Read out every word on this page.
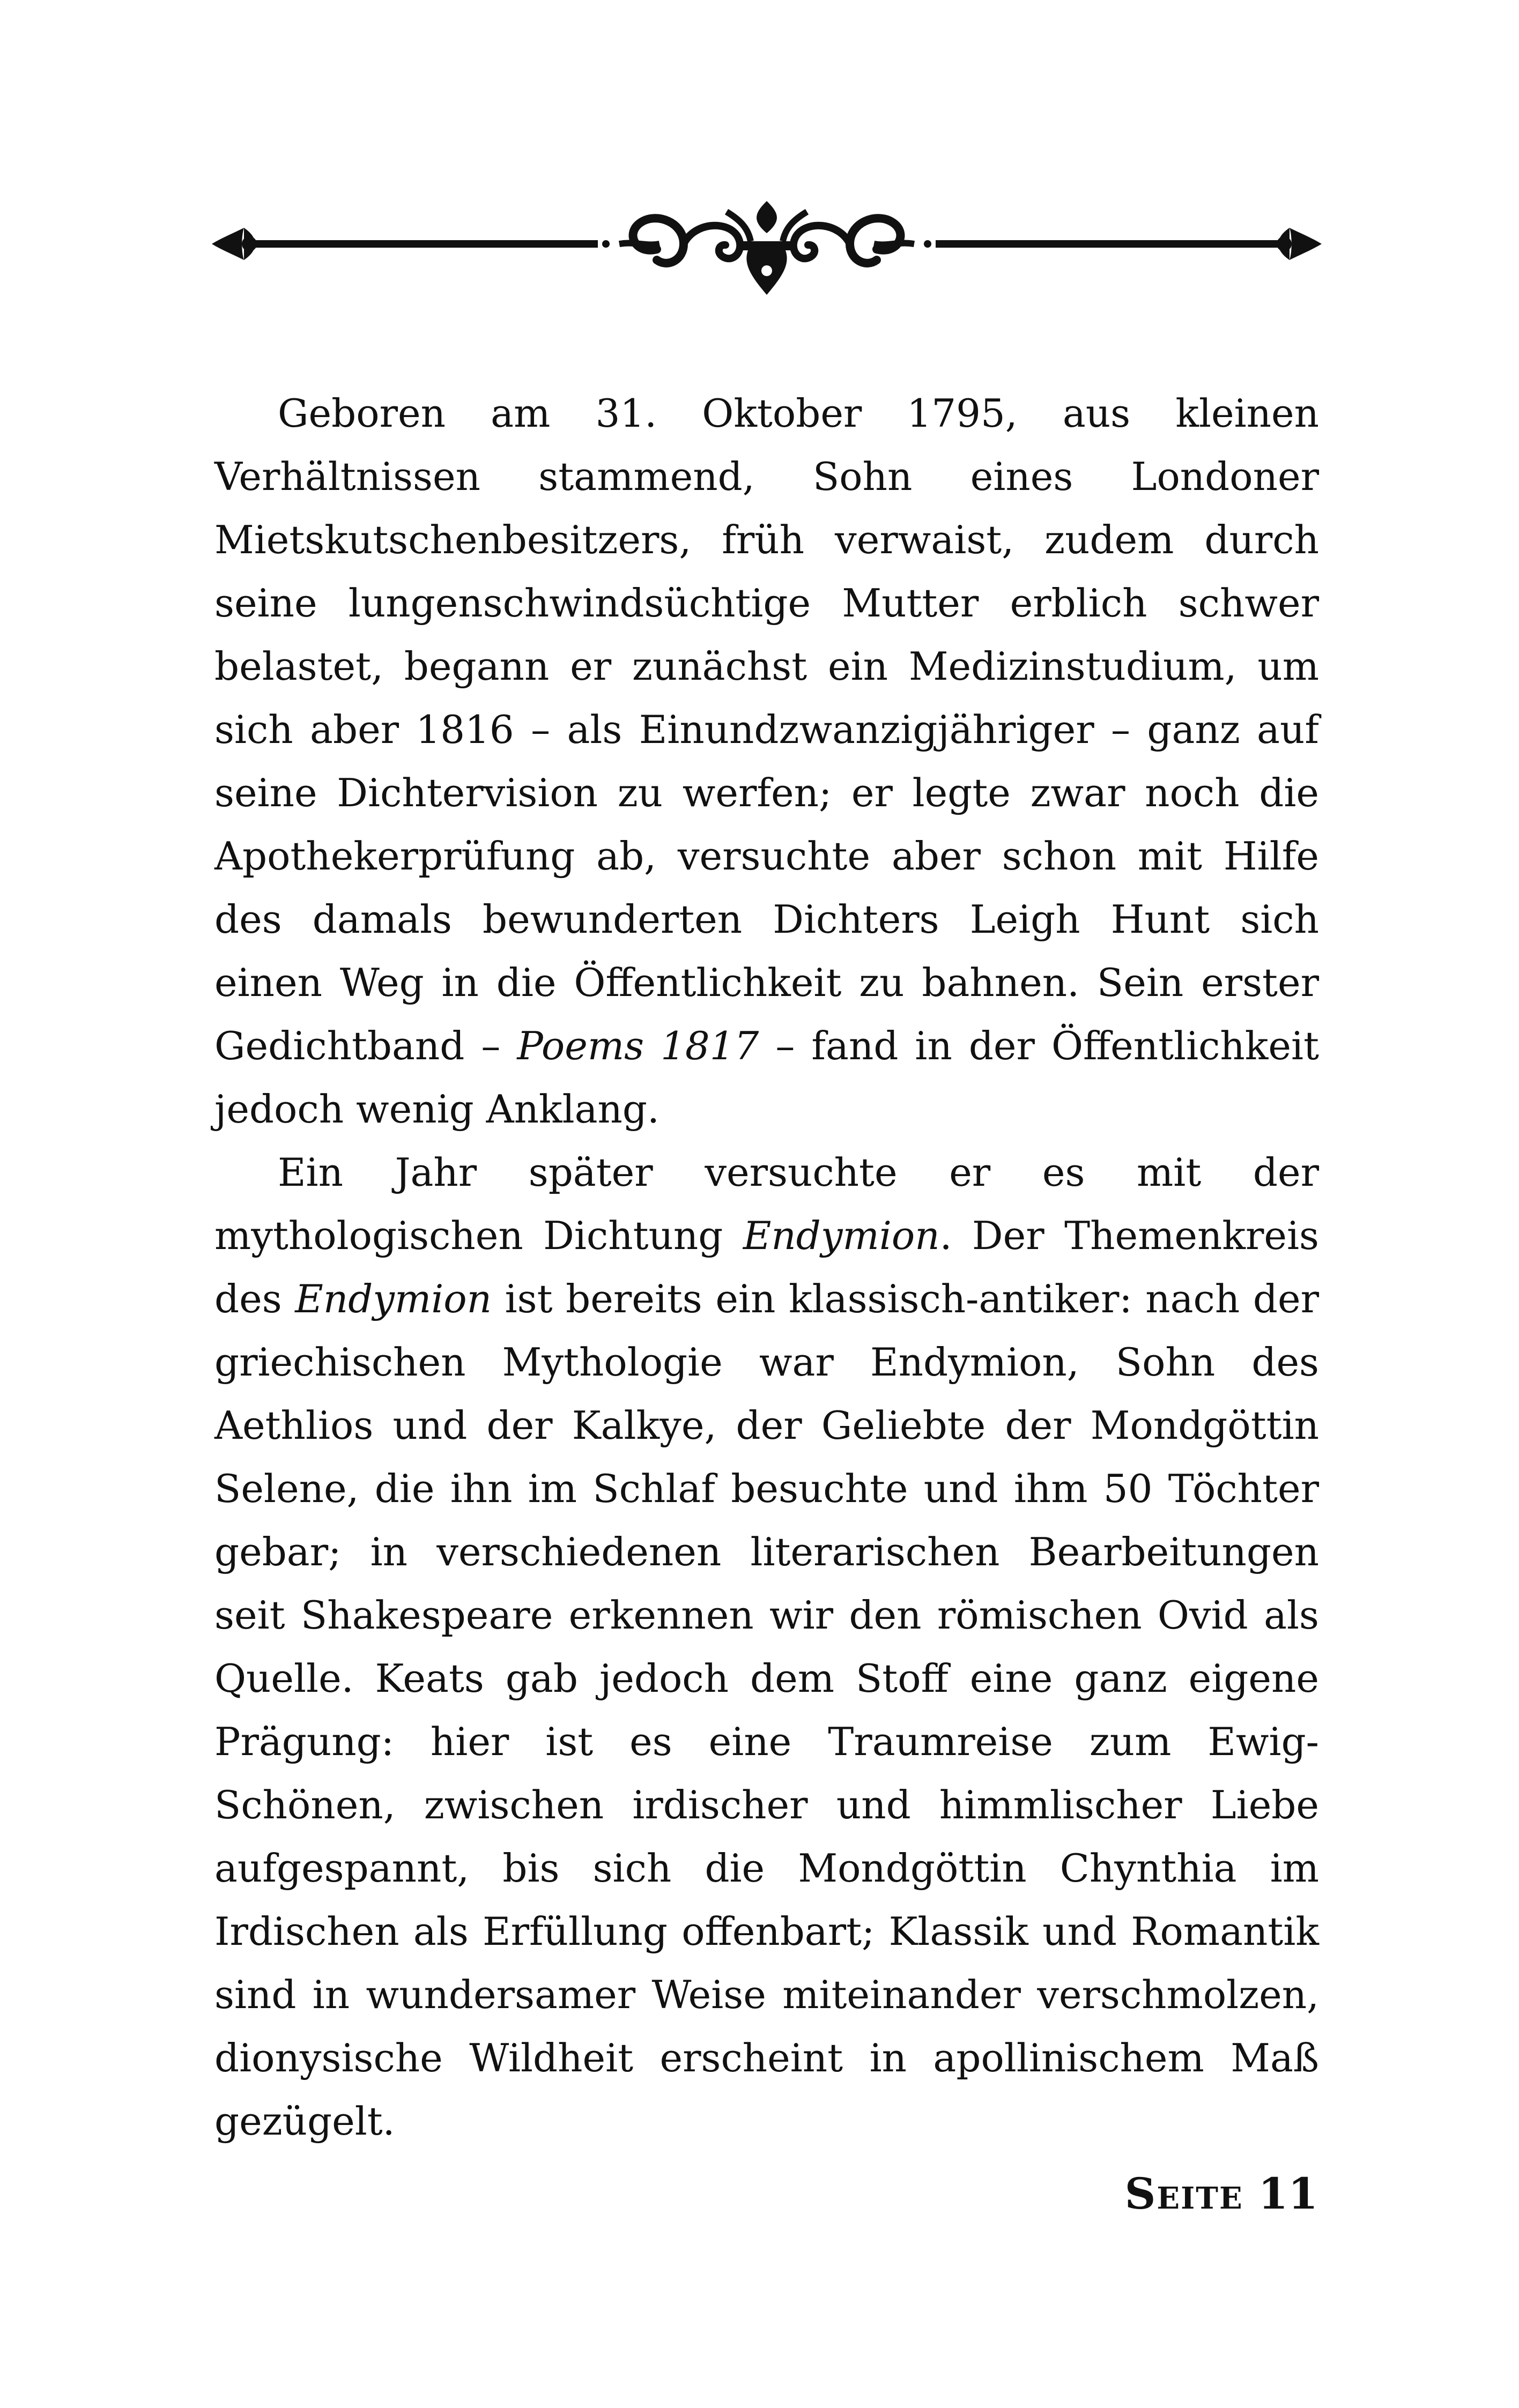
Geboren am 31. Oktober 1795, aus kleinen Verhältnissen stammend, Sohn eines Londoner Mietskutschenbesitzers, früh verwaist, zudem durch seine lungenschwindsüchtige Mutter erblich schwer belastet, begann er zunächst ein Medizinstudium, um sich aber 1816 – als Einundzwanzigjähriger – ganz auf seine Dichtervision zu werfen; er legte zwar noch die Apothekerprüfung ab, versuchte aber schon mit Hilfe des damals bewunderten Dichters Leigh Hunt sich einen Weg in die Öffentlichkeit zu bahnen. Sein erster Gedichtband – Poems 1817 – fand in der Öffentlichkeit jedoch wenig Anklang.

Ein Jahr später versuchte er es mit der mythologischen Dichtung Endymion. Der Themenkreis des Endymion ist bereits ein klassisch-antiker: nach der griechischen Mythologie war Endymion, Sohn des Aethlios und der Kalkye, der Geliebte der Mondgöttin Selene, die ihn im Schlaf besuchte und ihm 50 Töchter gebar; in verschiedenen literarischen Bearbeitungen seit Shakespeare erkennen wir den römischen Ovid als Quelle. Keats gab jedoch dem Stoff eine ganz eigene Prägung: hier ist es eine Traumreise zum Ewig-Schönen, zwischen irdischer und himmlischer Liebe aufgespannt, bis sich die Mondgöttin Chynthia im Irdischen als Erfüllung offenbart; Klassik und Romantik sind in wundersamer Weise miteinander verschmolzen, dionysische Wildheit erscheint in apollinischem Maß gezügelt.

Seite 11
